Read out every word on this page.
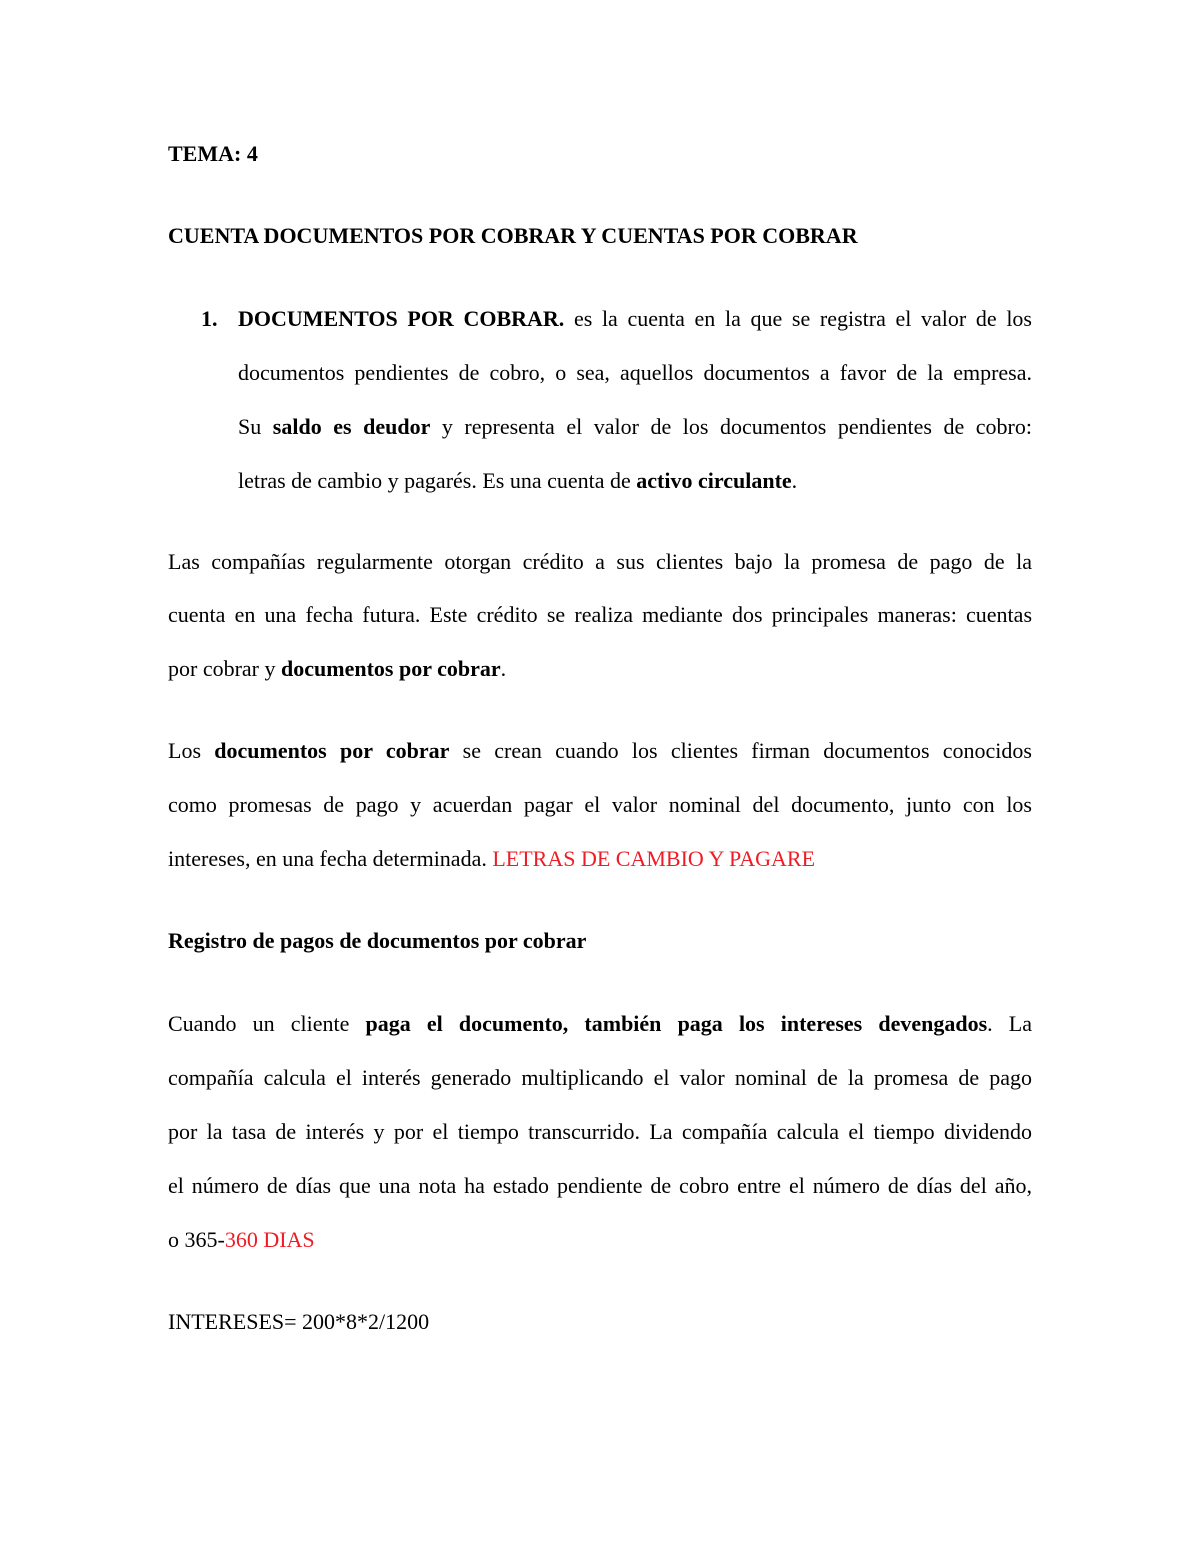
TEMA: 4
CUENTA DOCUMENTOS POR COBRAR Y CUENTAS POR COBRAR
1. DOCUMENTOS POR COBRAR. es la cuenta en la que se registra el valor de los
documentos pendientes de cobro, o sea, aquellos documentos a favor de la empresa.
Su saldo es deudor y representa el valor de los documentos pendientes de cobro:
letras de cambio y pagarés. Es una cuenta de activo circulante.
Las compañías regularmente otorgan crédito a sus clientes bajo la promesa de pago de la
cuenta en una fecha futura. Este crédito se realiza mediante dos principales maneras: cuentas
por cobrar y documentos por cobrar.
Los documentos por cobrar se crean cuando los clientes firman documentos conocidos
como promesas de pago y acuerdan pagar el valor nominal del documento, junto con los
intereses, en una fecha determinada. LETRAS DE CAMBIO Y PAGARE
Registro de pagos de documentos por cobrar
Cuando un cliente paga el documento, también paga los intereses devengados. La
compañía calcula el interés generado multiplicando el valor nominal de la promesa de pago
por la tasa de interés y por el tiempo transcurrido. La compañía calcula el tiempo dividendo
el número de días que una nota ha estado pendiente de cobro entre el número de días del año,
o 365-360 DIAS
INTERESES= 200*8*2/1200
